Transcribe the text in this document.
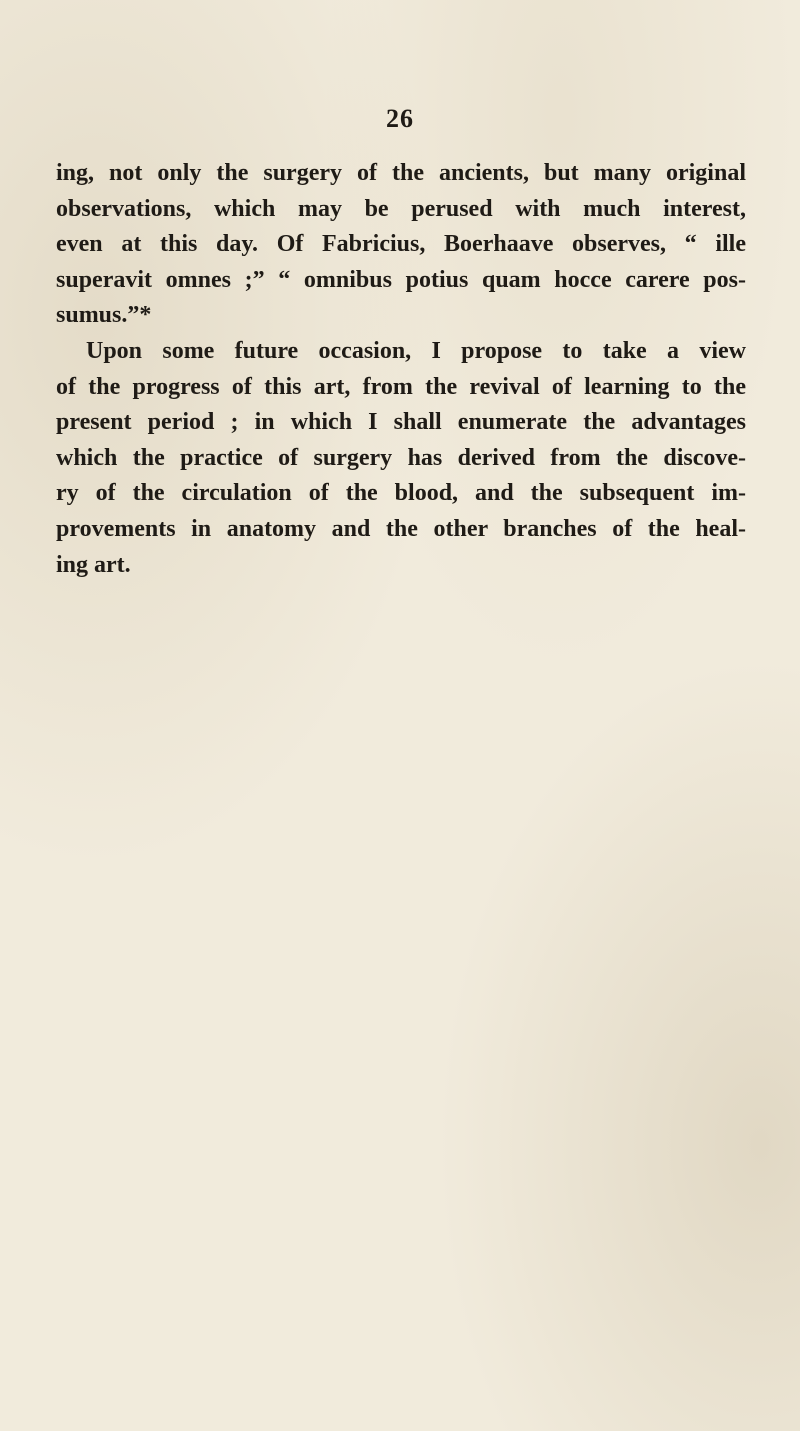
26
ing, not only the surgery of the ancients, but many original
observations, which may be perused with much interest,
even at this day. Of Fabricius, Boerhaave observes, “ ille
superavit omnes ;” “ omnibus potius quam hocce carere pos-
sumus.”*
Upon some future occasion, I propose to take a view
of the progress of this art, from the revival of learning to the
present period ; in which I shall enumerate the advantages
which the practice of surgery has derived from the discove-
ry of the circulation of the blood, and the subsequent im-
provements in anatomy and the other branches of the heal-
ing art.
